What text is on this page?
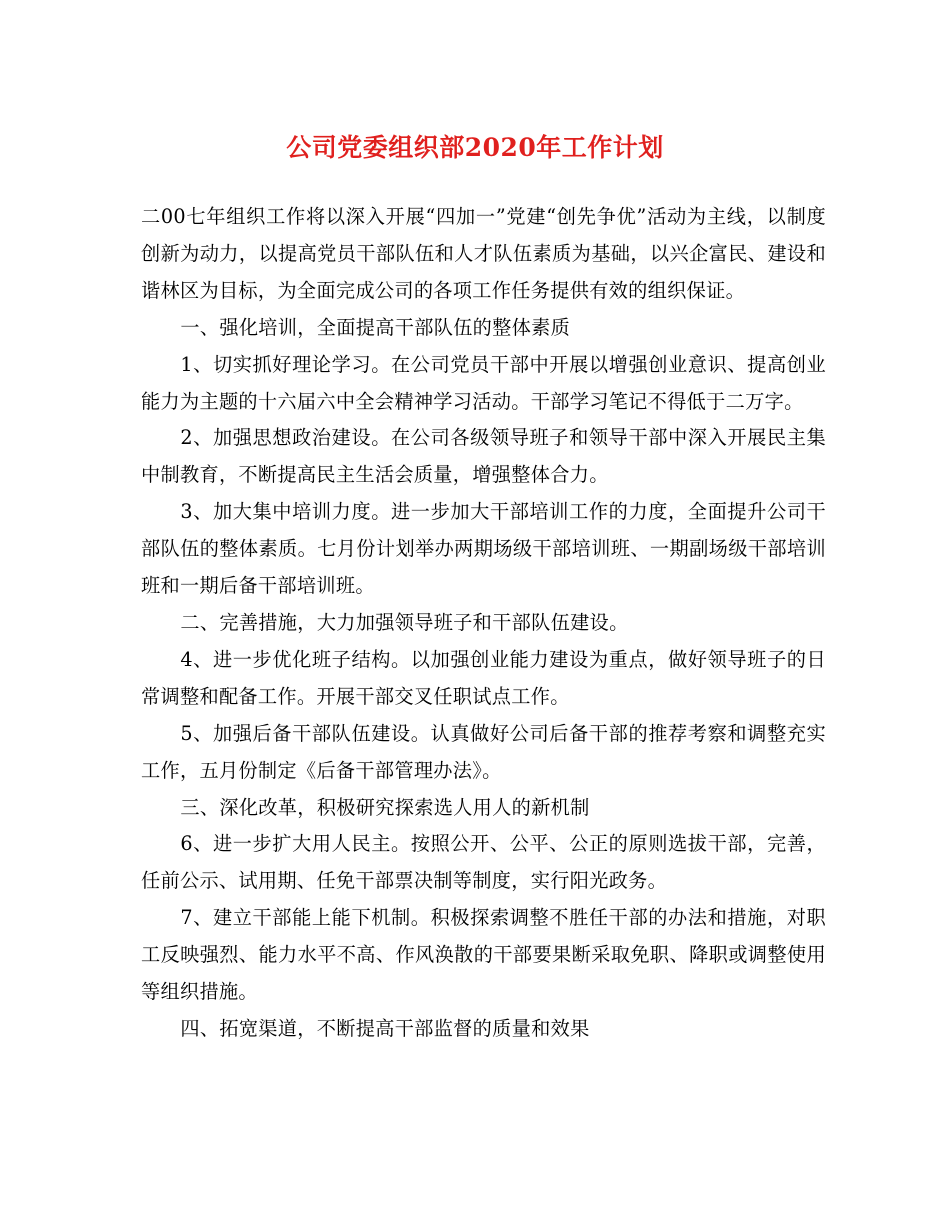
公司党委组织部2020年工作计划

二00七年组织工作将以深入开展“四加一”党建“创先争优”活动为主线，以制度创新为动力，以提高党员干部队伍和人才队伍素质为基础，以兴企富民、建设和谐林区为目标，为全面完成公司的各项工作任务提供有效的组织保证。

一、强化培训，全面提高干部队伍的整体素质

1、切实抓好理论学习。在公司党员干部中开展以增强创业意识、提高创业能力为主题的十六届六中全会精神学习活动。干部学习笔记不得低于二万字。

2、加强思想政治建设。在公司各级领导班子和领导干部中深入开展民主集中制教育，不断提高民主生活会质量，增强整体合力。

3、加大集中培训力度。进一步加大干部培训工作的力度，全面提升公司干部队伍的整体素质。七月份计划举办两期场级干部培训班、一期副场级干部培训班和一期后备干部培训班。

二、完善措施，大力加强领导班子和干部队伍建设。

4、进一步优化班子结构。以加强创业能力建设为重点，做好领导班子的日常调整和配备工作。开展干部交叉任职试点工作。

5、加强后备干部队伍建设。认真做好公司后备干部的推荐考察和调整充实工作，五月份制定《后备干部管理办法》。

三、深化改革，积极研究探索选人用人的新机制

6、进一步扩大用人民主。按照公开、公平、公正的原则选拔干部，完善，任前公示、试用期、任免干部票决制等制度，实行阳光政务。

7、建立干部能上能下机制。积极探索调整不胜任干部的办法和措施，对职工反映强烈、能力水平不高、作风涣散的干部要果断采取免职、降职或调整使用等组织措施。

四、拓宽渠道，不断提高干部监督的质量和效果
